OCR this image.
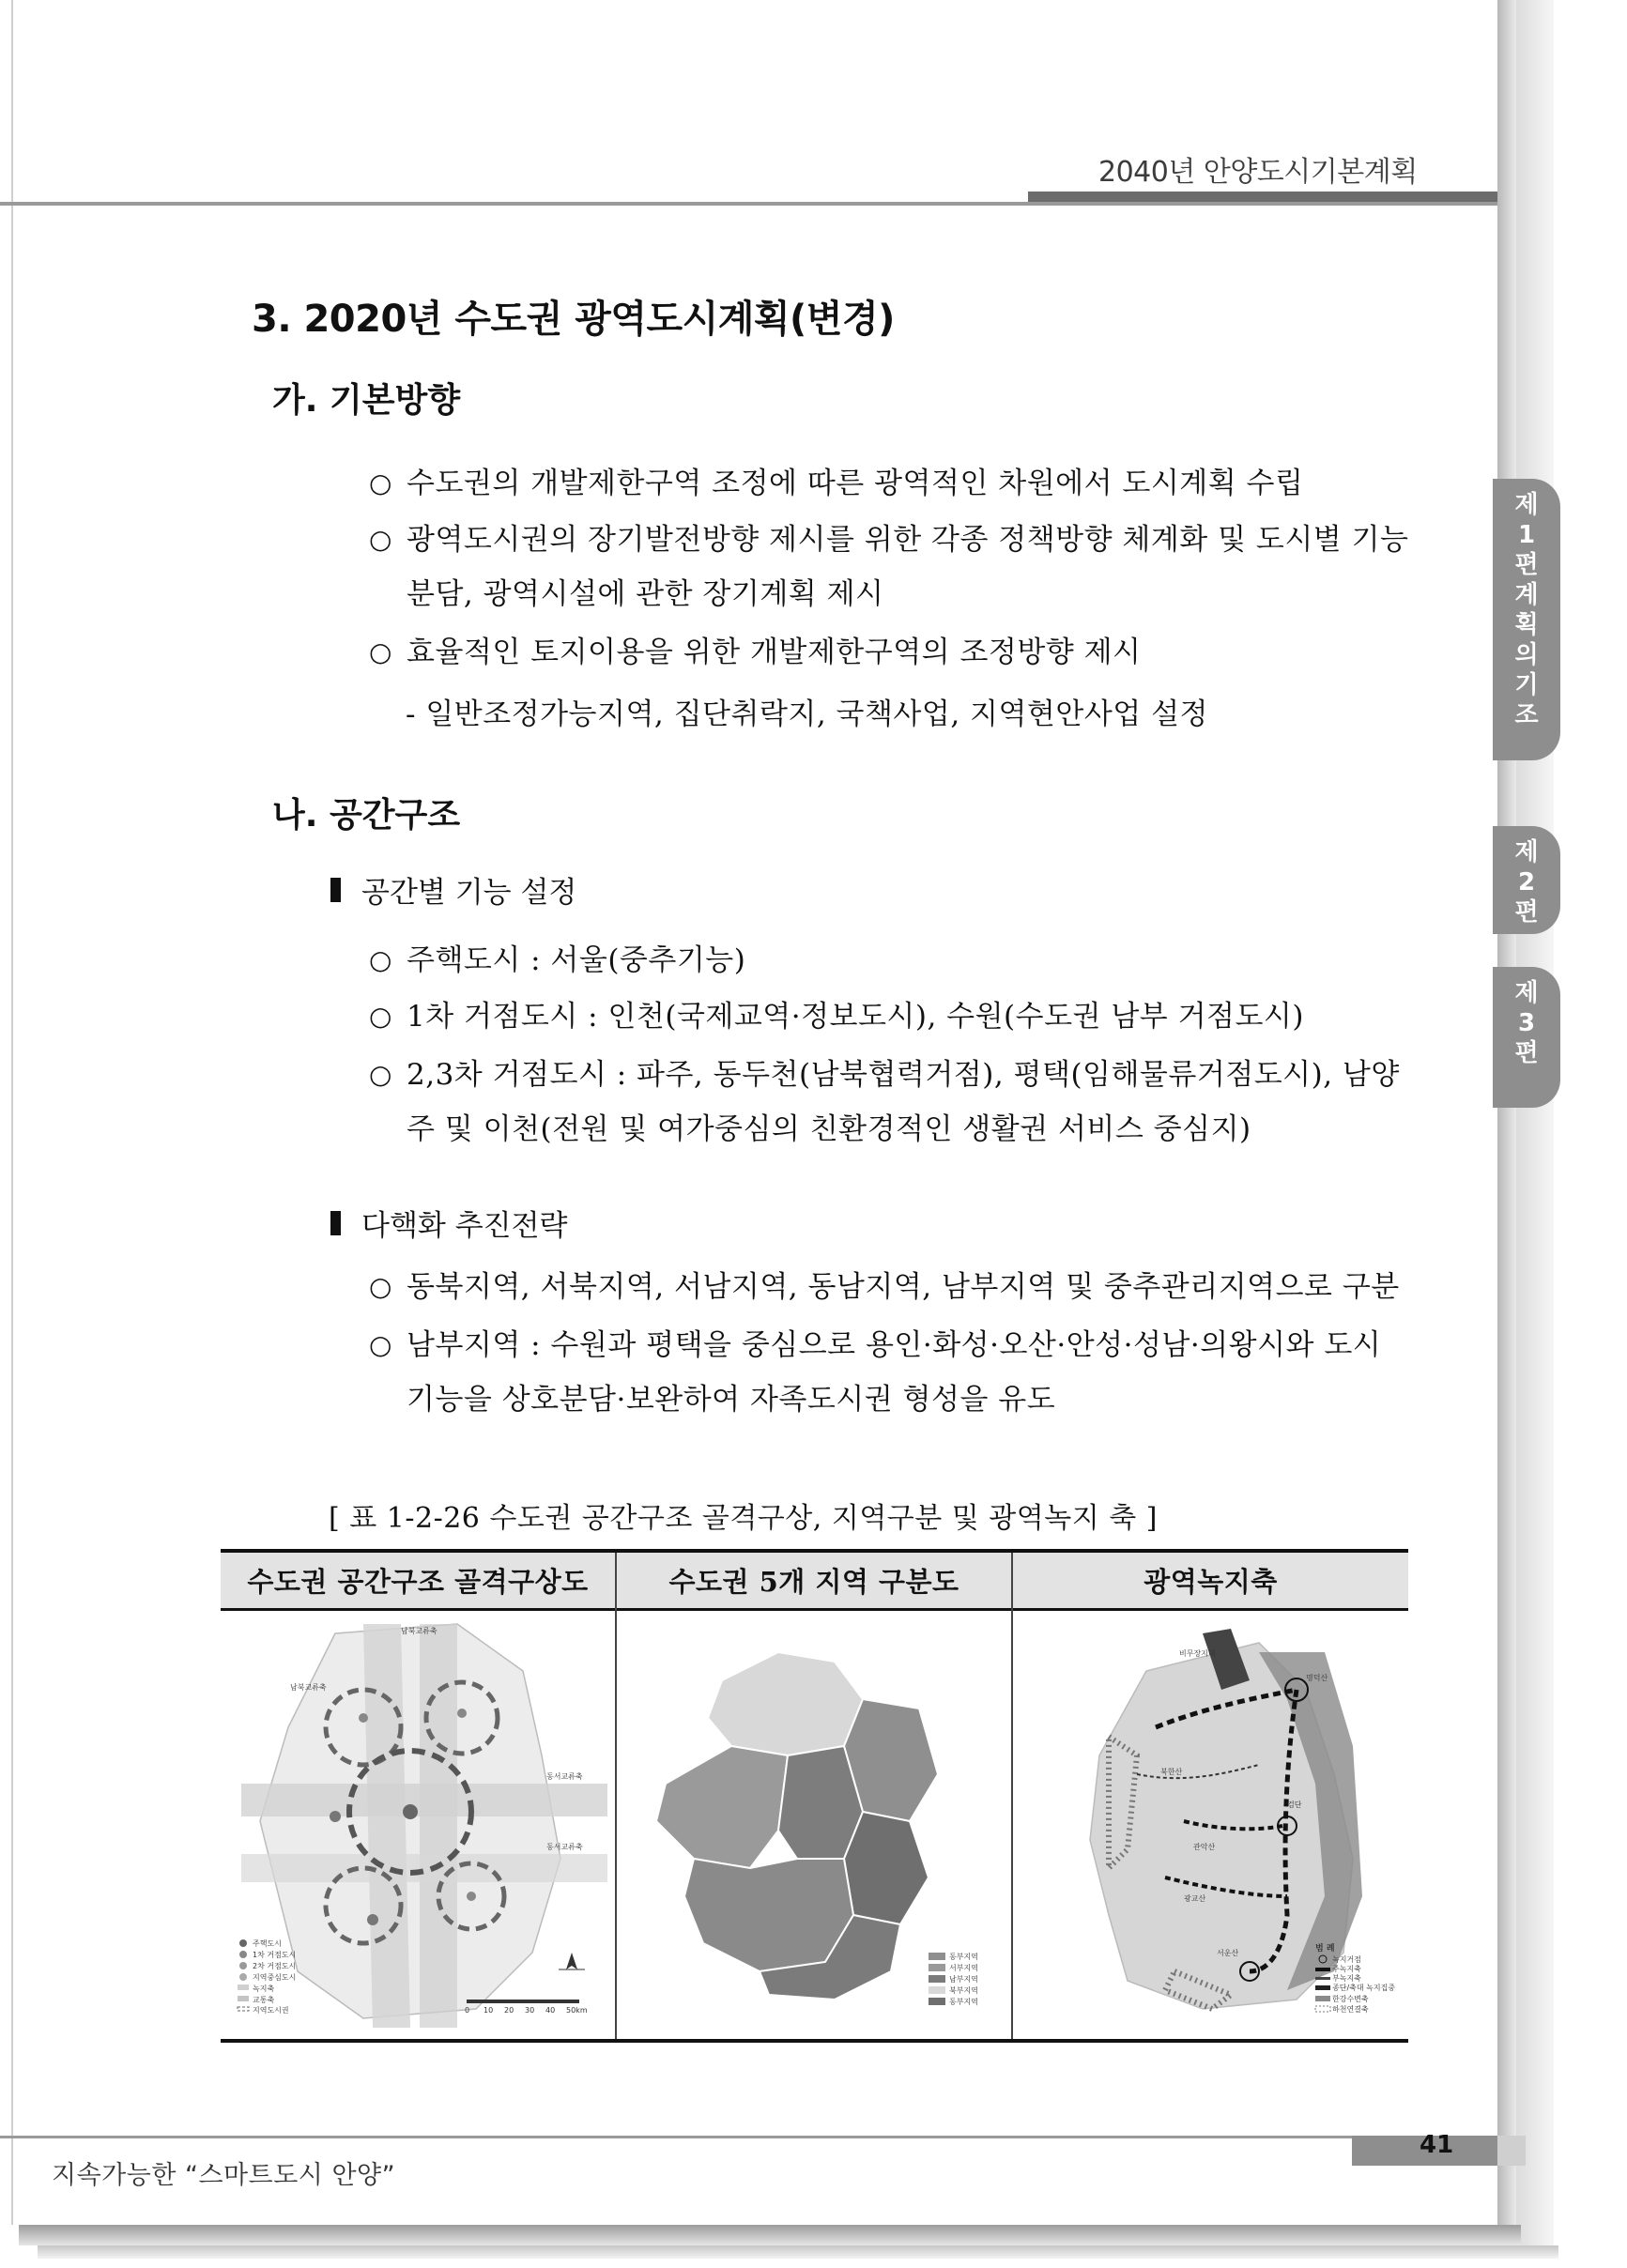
2040년 안양도시기본계획
제
1
편
계
획
의
기
조
제
2
편
제
3
편
3. 2020년 수도권 광역도시계획(변경)
가. 기본방향
○ 수도권의 개발제한구역 조정에 따른 광역적인 차원에서 도시계획 수립
○ 광역도시권의 장기발전방향 제시를 위한 각종 정책방향 체계화 및 도시별 기능분담, 광역시설에 관한 장기계획 제시
○ 효율적인 토지이용을 위한 개발제한구역의 조정방향 제시
- 일반조정가능지역, 집단취락지, 국책사업, 지역현안사업 설정
나. 공간구조
공간별 기능 설정
○ 주핵도시 : 서울(중추기능)
○ 1차 거점도시 : 인천(국제교역·정보도시), 수원(수도권 남부 거점도시)
○ 2,3차 거점도시 : 파주, 동두천(남북협력거점), 평택(임해물류거점도시), 남양주 및 이천(전원 및 여가중심의 친환경적인 생활권 서비스 중심지)
다핵화 추진전략
○ 동북지역, 서북지역, 서남지역, 동남지역, 남부지역 및 중추관리지역으로 구분
○ 남부지역 : 수원과 평택을 중심으로 용인·화성·오산·안성·성남·의왕시와 도시 기능을 상호분담·보완하여 자족도시권 형성을 유도
[ 표 1-2-26 수도권 공간구조 골격구상, 지역구분 및 광역녹지 축 ]
수도권 공간구조 골격구상도	수도권 5개 지역 구분도	광역녹지축
남북교류축
남북교류축
동서교류축
동서교류축
주핵도시
1차 거점도시
2차 거점도시
지역중심도시
녹지축
교통축
지역도시권	0 10 20 30 40 50km
동부지역
서부지역
남부지역
북부지역
동부지역
비무장지대
명덕산
북한산
검단
관악산
광교산
서운산	범 례
녹지거점
주녹지축
부녹지축
종단/축대 녹지집중
한강수변축
하천연결축
41
지속가능한 “스마트도시 안양”
